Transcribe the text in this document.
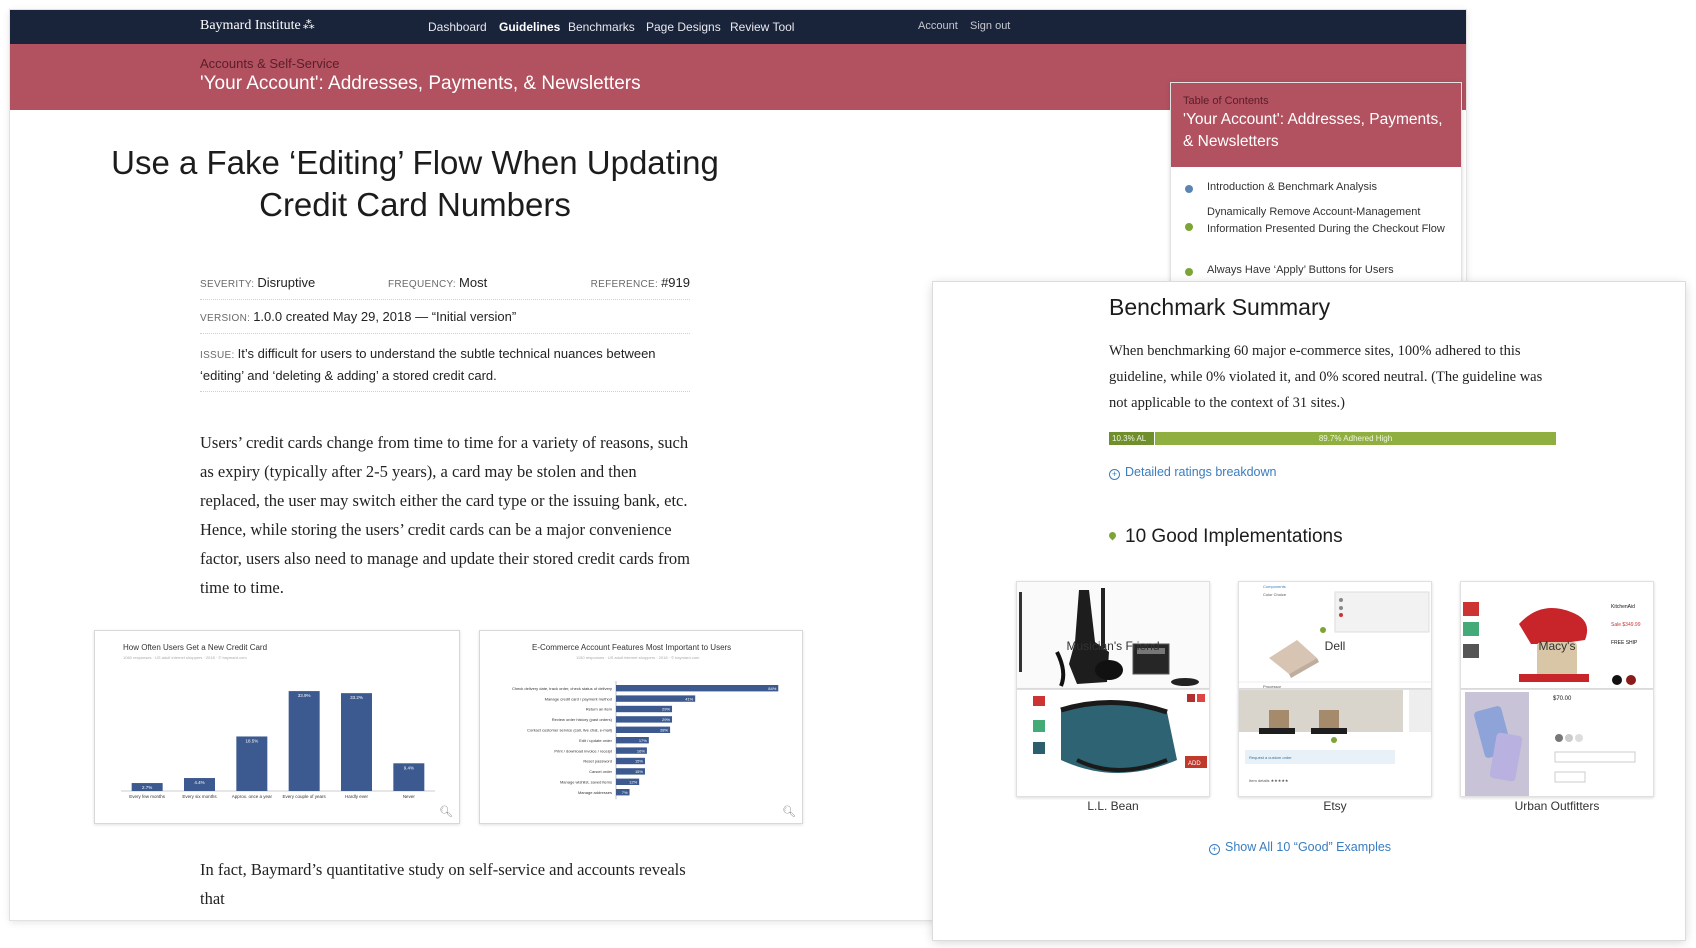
Baymard Institute ⁂	Dashboard Guidelines Benchmarks Page Designs Review Tool	Account Sign out
Accounts & Self-Service
'Your Account': Addresses, Payments, & Newsletters
Use a Fake ‘Editing’ Flow When Updating Credit Card Numbers
SEVERITY: Disruptive	FREQUENCY: Most	REFERENCE: #919
VERSION: 1.0.0 created May 29, 2018 — “Initial version”
ISSUE: It’s difficult for users to understand the subtle technical nuances between ‘editing’ and ‘deleting & adding’ a stored credit card.
Users’ credit cards change from time to time for a variety of reasons, such as expiry (typically after 2-5 years), a card may be stolen and then replaced, the user may switch either the card type or the issuing bank, etc. Hence, while storing the users’ credit cards can be a major convenience factor, users also need to manage and update their stored credit cards from time to time.
How Often Users Get a New Credit Card
1060 responses · US adult internet shoppers · 2018 · © baymard.com
2.7%
Every few months
4.4%
Every six months
18.5%
Approx. once a year
33.9%
Every couple of years
33.2%
Hardly ever
9.4%
Never
🔍︎
E-Commerce Account Features Most Important to Users
1150 responses · US adult internet shoppers · 2018 · © baymard.com
84%
Check delivery date, track order, check status of delivery
41%
Manage credit card / payment method
29%
Return an item
29%
Review order history (past orders)
28%
Contact customer service (call, live chat, e-mail)
17%
Edit / update order
16%
Print / download invoice / receipt
15%
Reset password
15%
Cancel order
12%
Manage wishlist, saved items
7%
Manage addresses
🔍︎
In fact, Baymard’s quantitative study on self-service and accounts reveals that
Table of Contents
'Your Account': Addresses, Payments, & Newsletters
Introduction & Benchmark Analysis
Dynamically Remove Account-Management Information Presented During the Checkout Flow
Always Have ‘Apply’ Buttons for Users
Benchmark Summary
When benchmarking 60 major e-commerce sites, 100% adhered to this guideline, while 0% violated it, and 0% scored neutral. (The guideline was not applicable to the context of 31 sites.)
10.3% AL	89.7% Adhered High
+ Detailed ratings breakdown
10 Good Implementations
Musician's Friend
Components
Color Choice
Processor
Dell
KitchenAid
Sale $349.99
FREE SHIP
Macy's
ADD
L.L. Bean
Request a custom order
Item details ★★★★★
Etsy
$70.00
Urban Outfitters
+ Show All 10 “Good” Examples
